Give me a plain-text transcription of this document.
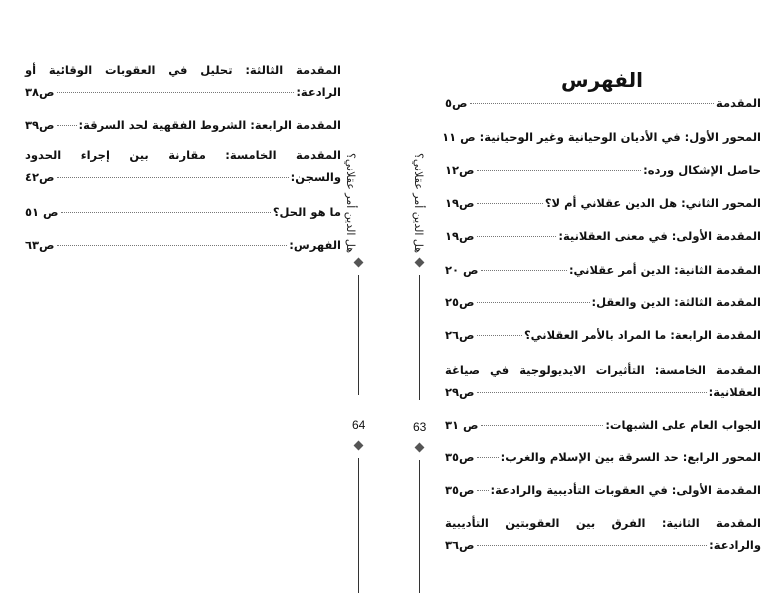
المقدمة الثالثة: تحليل في العقوبات الوقائية أو
الرادعة:
ص٣٨
المقدمة الرابعة: الشروط الفقهية لحد السرقة:
ص٣٩
المقدمة الخامسة: مقارنة بين إجراء الحدود
والسجن:
ص٤٢
ما هو الحل؟
ص ٥١
الفهرس:
ص٦٣	هل الدين أمر عقلاني؟
64
الفهرس
هل الدين أمر عقلاني؟
63
المقدمة
ص٥
المحور الأول: في الأديان الوحيانية وغير الوحيانية:
ص ١١
حاصل الإشكال ورده:
ص١٢
المحور الثاني: هل الدين عقلاني أم لا؟
ص١٩
المقدمة الأولى: في معنى العقلانية:
ص١٩
المقدمة الثانية: الدين أمر عقلاني:
ص ٢٠
المقدمة الثالثة: الدين والعقل:
ص٢٥
المقدمة الرابعة: ما المراد بالأمر العقلاني؟
ص٢٦
المقدمة الخامسة: التأثيرات الايديولوجية في صياغة
العقلانية:
ص٢٩
الجواب العام على الشبهات:
ص ٣١
المحور الرابع: حد السرقة بين الإسلام والغرب:
ص٣٥
المقدمة الأولى: في العقوبات التأديبية والرادعة:
ص٣٥
المقدمة الثانية: الفرق بين العقوبتين التأديبية
والرادعة:
ص٣٦
